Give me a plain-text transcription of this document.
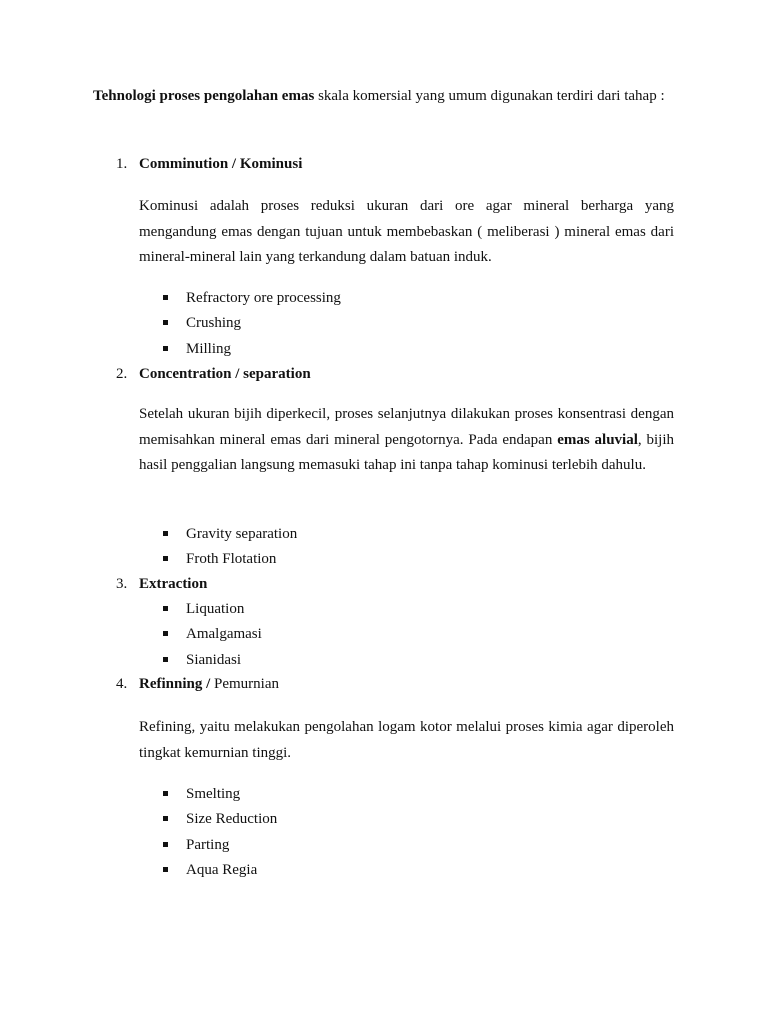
Tehnologi proses pengolahan emas skala komersial yang umum digunakan terdiri dari tahap :
1. Comminution / Kominusi
Kominusi adalah proses reduksi ukuran dari ore agar mineral berharga yang mengandung emas dengan tujuan untuk membebaskan ( meliberasi ) mineral emas dari mineral-mineral lain yang terkandung dalam batuan induk.
Refractory ore processing
Crushing
Milling
2. Concentration / separation
Setelah ukuran bijih diperkecil, proses selanjutnya dilakukan proses konsentrasi dengan memisahkan mineral emas dari mineral pengotornya. Pada endapan emas aluvial, bijih hasil penggalian langsung memasuki tahap ini tanpa tahap kominusi terlebih dahulu.
Gravity separation
Froth Flotation
3. Extraction
Liquation
Amalgamasi
Sianidasi
4. Refinning / Pemurnian
Refining, yaitu melakukan pengolahan logam kotor melalui proses kimia agar diperoleh tingkat kemurnian tinggi.
Smelting
Size Reduction
Parting
Aqua Regia
